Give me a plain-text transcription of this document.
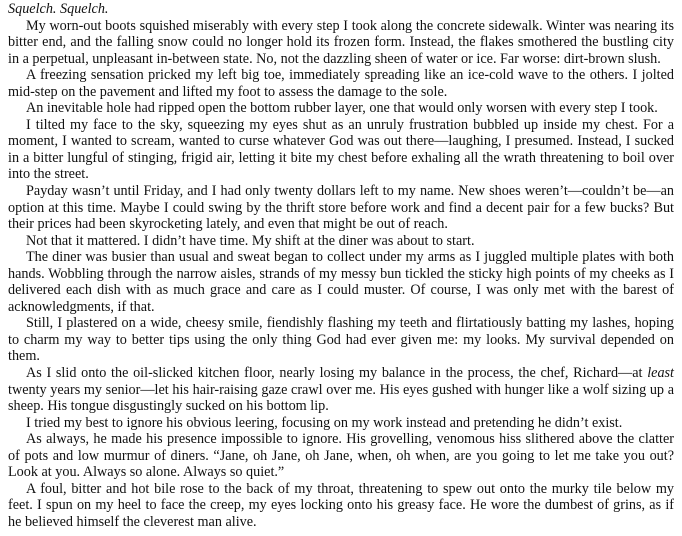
Squelch. Squelch.

My worn-out boots squished miserably with every step I took along the concrete sidewalk. Winter was nearing its bitter end, and the falling snow could no longer hold its frozen form. Instead, the flakes smothered the bustling city in a perpetual, unpleasant in-between state. No, not the dazzling sheen of water or ice. Far worse: dirt-brown slush.

A freezing sensation pricked my left big toe, immediately spreading like an ice-cold wave to the others. I jolted mid-step on the pavement and lifted my foot to assess the damage to the sole.

An inevitable hole had ripped open the bottom rubber layer, one that would only worsen with every step I took.

I tilted my face to the sky, squeezing my eyes shut as an unruly frustration bubbled up inside my chest. For a moment, I wanted to scream, wanted to curse whatever God was out there—laughing, I presumed. Instead, I sucked in a bitter lungful of stinging, frigid air, letting it bite my chest before exhaling all the wrath threatening to boil over into the street.

Payday wasn’t until Friday, and I had only twenty dollars left to my name. New shoes weren’t—couldn’t be—an option at this time. Maybe I could swing by the thrift store before work and find a decent pair for a few bucks? But their prices had been skyrocketing lately, and even that might be out of reach.

Not that it mattered. I didn’t have time. My shift at the diner was about to start.

The diner was busier than usual and sweat began to collect under my arms as I juggled multiple plates with both hands. Wobbling through the narrow aisles, strands of my messy bun tickled the sticky high points of my cheeks as I delivered each dish with as much grace and care as I could muster. Of course, I was only met with the barest of acknowledgments, if that.

Still, I plastered on a wide, cheesy smile, fiendishly flashing my teeth and flirtatiously batting my lashes, hoping to charm my way to better tips using the only thing God had ever given me: my looks. My survival depended on them.

As I slid onto the oil-slicked kitchen floor, nearly losing my balance in the process, the chef, Richard—at least twenty years my senior—let his hair-raising gaze crawl over me. His eyes gushed with hunger like a wolf sizing up a sheep. His tongue disgustingly sucked on his bottom lip.

I tried my best to ignore his obvious leering, focusing on my work instead and pretending he didn’t exist.

As always, he made his presence impossible to ignore. His grovelling, venomous hiss slithered above the clatter of pots and low murmur of diners. “Jane, oh Jane, oh Jane, when, oh when, are you going to let me take you out? Look at you. Always so alone. Always so quiet.”

A foul, bitter and hot bile rose to the back of my throat, threatening to spew out onto the murky tile below my feet. I spun on my heel to face the creep, my eyes locking onto his greasy face. He wore the dumbest of grins, as if he believed himself the cleverest man alive.
